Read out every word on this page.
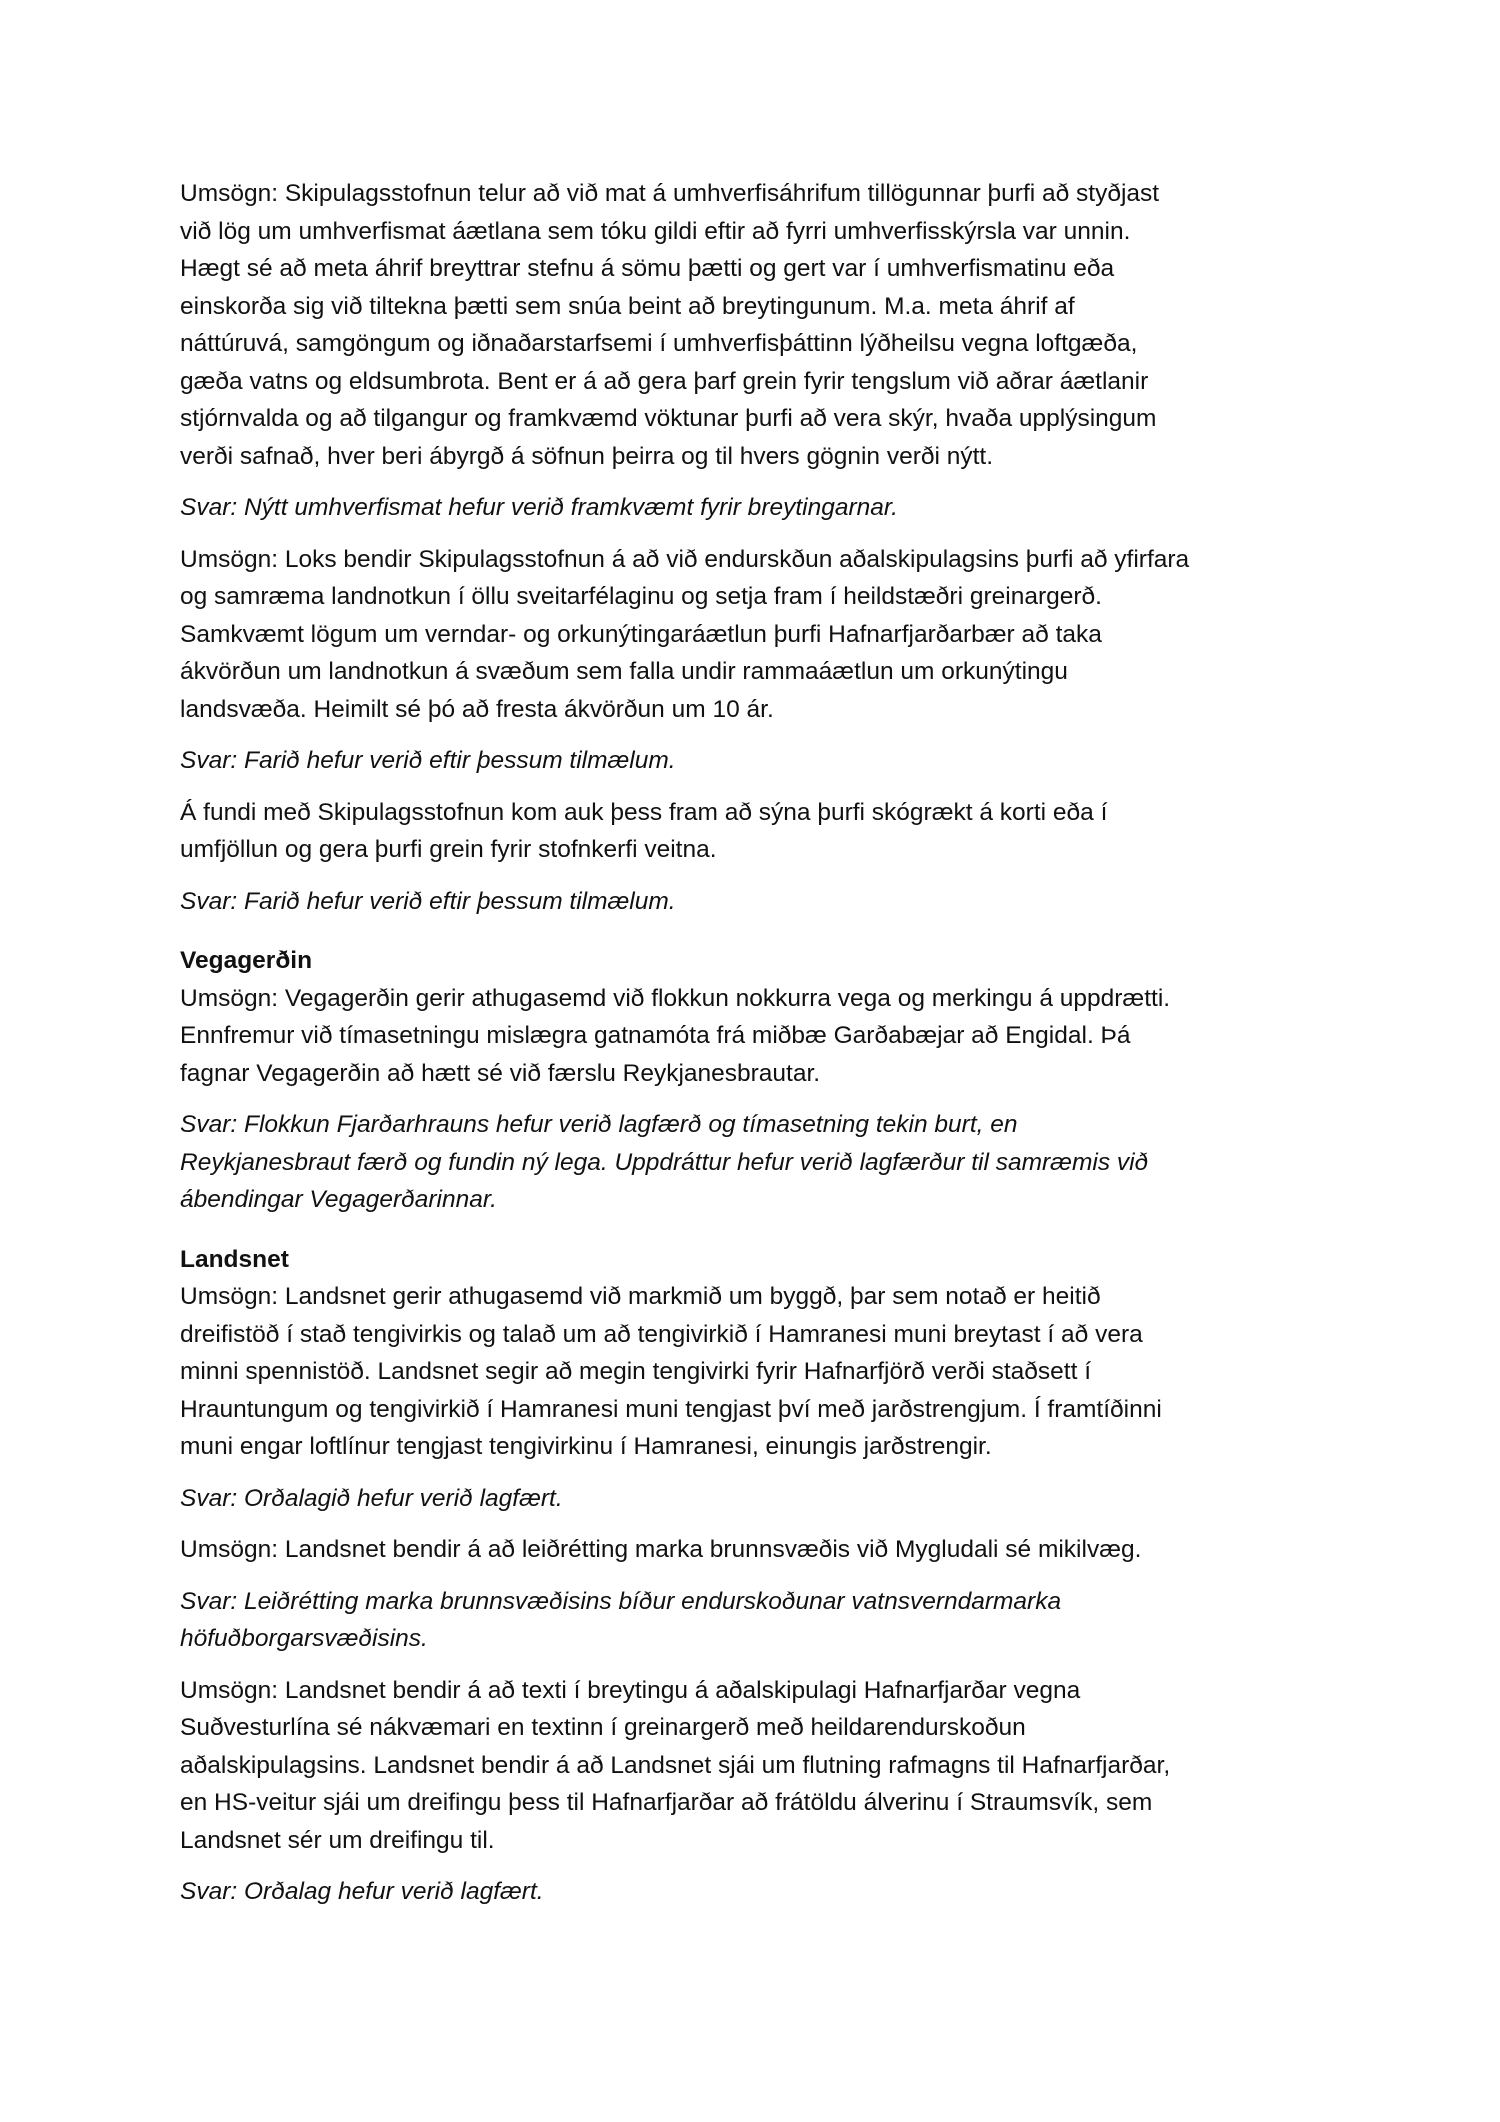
Umsögn: Skipulagsstofnun telur að við mat á umhverfisáhrifum tillögunnar þurfi að styðjast
við lög um umhverfismat áætlana sem tóku gildi eftir að fyrri umhverfisskýrsla var unnin.
Hægt sé að meta áhrif breyttrar stefnu á sömu þætti og gert var í umhverfismatinu eða
einskorða sig við tiltekna þætti sem snúa beint að breytingunum. M.a. meta áhrif af
náttúruvá, samgöngum og iðnaðarstarfsemi í umhverfisþáttinn lýðheilsu vegna loftgæða,
gæða vatns og eldsumbrota. Bent er á að gera þarf grein fyrir tengslum við aðrar áætlanir
stjórnvalda og að tilgangur og framkvæmd vöktunar þurfi að vera skýr, hvaða upplýsingum
verði safnað, hver beri ábyrgð á söfnun þeirra og til hvers gögnin verði nýtt.
Svar: Nýtt umhverfismat hefur verið framkvæmt fyrir breytingarnar.
Umsögn: Loks bendir Skipulagsstofnun á að við endurskðun aðalskipulagsins þurfi að yfirfara
og samræma landnotkun í öllu sveitarfélaginu og setja fram í heildstæðri greinargerð.
Samkvæmt lögum um verndar- og orkunýtingaráætlun þurfi Hafnarfjarðarbær að taka
ákvörðun um landnotkun á svæðum sem falla undir rammaáætlun um orkunýtingu
landsvæða. Heimilt sé þó að fresta ákvörðun um 10 ár.
Svar: Farið hefur verið eftir þessum tilmælum.
Á fundi með Skipulagsstofnun kom auk þess fram að sýna þurfi skógrækt á korti eða í
umfjöllun og gera þurfi grein fyrir stofnkerfi veitna.
Svar: Farið hefur verið eftir þessum tilmælum.
Vegagerðin
Umsögn: Vegagerðin gerir athugasemd við flokkun nokkurra vega og merkingu á uppdrætti.
Ennfremur við tímasetningu mislægra gatnamóta frá miðbæ Garðabæjar að Engidal. Þá
fagnar Vegagerðin að hætt sé við færslu Reykjanesbrautar.
Svar: Flokkun Fjarðarhrauns hefur verið lagfærð og tímasetning tekin burt, en
Reykjanesbraut færð og fundin ný lega. Uppdráttur hefur verið lagfærður til samræmis við
ábendingar Vegagerðarinnar.
Landsnet
Umsögn: Landsnet gerir athugasemd við markmið um byggð, þar sem notað er heitið
dreifistöð í stað tengivirkis og talað um að tengivirkið í Hamranesi muni breytast í að vera
minni spennistöð. Landsnet segir að megin tengivirki fyrir Hafnarfjörð verði staðsett í
Hrauntungum og tengivirkið í Hamranesi muni tengjast því með jarðstrengjum. Í framtíðinni
muni engar loftlínur tengjast tengivirkinu í Hamranesi, einungis jarðstrengir.
Svar: Orðalagið hefur verið lagfært.
Umsögn: Landsnet bendir á að leiðrétting marka brunnsvæðis við Mygludali sé mikilvæg.
Svar: Leiðrétting marka brunnsvæðisins bíður endurskoðunar vatnsverndarmarka
höfuðborgarsvæðisins.
Umsögn: Landsnet bendir á að texti í breytingu á aðalskipulagi Hafnarfjarðar vegna
Suðvesturlína sé nákvæmari en textinn í greinargerð með heildarendurskoðun
aðalskipulagsins. Landsnet bendir á að Landsnet sjái um flutning rafmagns til Hafnarfjarðar,
en HS-veitur sjái um dreifingu þess til Hafnarfjarðar að frátöldu álverinu í Straumsvík, sem
Landsnet sér um dreifingu til.
Svar: Orðalag hefur verið lagfært.
